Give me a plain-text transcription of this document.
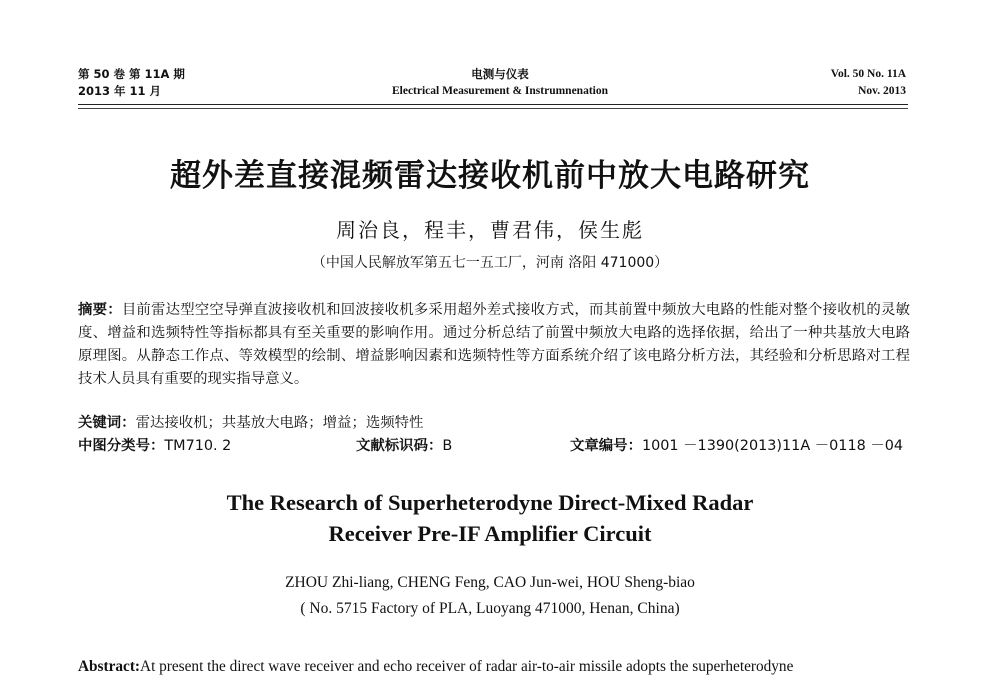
第 50 卷 第 11A 期
2013 年 11 月
电测与仪表
Electrical Measurement & Instrumnenation
Vol. 50 No. 11A
Nov. 2013
超外差直接混频雷达接收机前中放大电路研究
周治良，程丰，曹君伟，侯生彪
（中国人民解放军第五七一五工厂，河南 洛阳 471000）

摘要：目前雷达型空空导弹直波接收机和回波接收机多采用超外差式接收方式，而其前置中频放大电路的性能对整个接收机的灵敏度、增益和选频特性等指标都具有至关重要的影响作用。通过分析总结了前置中频放大电路的选择依据，给出了一种共基放大电路原理图。从静态工作点、等效模型的绘制、增益影响因素和选频特性等方面系统介绍了该电路分析方法，其经验和分析思路对工程技术人员具有重要的现实指导意义。

关键词：雷达接收机；共基放大电路；增益；选频特性
中图分类号：TM710. 2	文献标识码：B	文章编号：1001 －1390(2013)11A －0118 －04
The Research of Superheterodyne Direct-Mixed Radar
Receiver Pre-IF Amplifier Circuit
ZHOU Zhi-liang, CHENG Feng, CAO Jun-wei, HOU Sheng-biao
( No. 5715 Factory of PLA, Luoyang 471000, Henan, China)

Abstract:At present the direct wave receiver and echo receiver of radar air-to-air missile adopts the superheterodyne
